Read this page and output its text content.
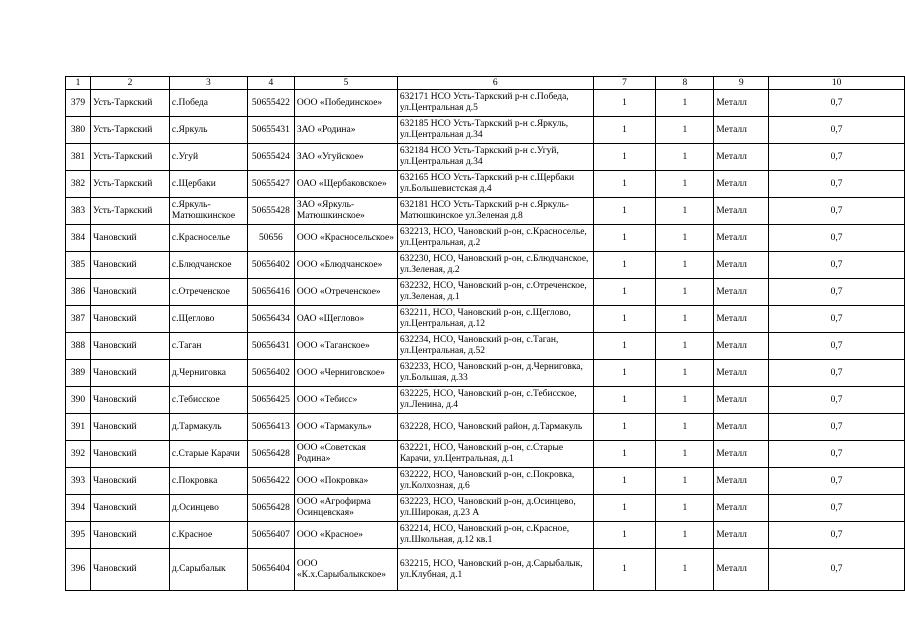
1	2	3	4	5	6	7	8	9	10
379	Усть-Таркский	с.Победа	50655422	ООО «Побединское»	632171 НСО Усть-Таркский р-н с.Победа, ул.Центральная д.5	1	1	Металл	0,7
380	Усть-Таркский	с.Яркуль	50655431	ЗАО «Родина»	632185 НСО Усть-Таркский р-н с.Яркуль, ул.Центральная д.34	1	1	Металл	0,7
381	Усть-Таркский	с.Угуй	50655424	ЗАО «Угуйское»	632184 НСО Усть-Таркский р-н с.Угуй, ул.Центральная д.34	1	1	Металл	0,7
382	Усть-Таркский	с.Щербаки	50655427	ОАО «Щербаковское»	632165 НСО Усть-Таркский р-н с.Щербаки ул.Большевистская д.4	1	1	Металл	0,7
383	Усть-Таркский	с.Яркуль-Матюшкинское	50655428	ЗАО «Яркуль-Матюшкинское»	632181 НСО Усть-Таркский р-н с.Яркуль-Матюшкинское ул.Зеленая д.8	1	1	Металл	0,7
384	Чановский	с.Красноселье	50656	ООО «Красносельское»	632213, НСО, Чановский р-он, с.Красноселье, ул.Центральная, д.2	1	1	Металл	0,7
385	Чановский	с.Блюдчанское	50656402	ООО «Блюдчанское»	632230, НСО, Чановский р-он, с.Блюдчанское, ул.Зеленая, д.2	1	1	Металл	0,7
386	Чановский	с.Отреченское	50656416	ООО «Отреченское»	632232, НСО, Чановский р-он, с.Отреченское, ул.Зеленая, д.1	1	1	Металл	0,7
387	Чановский	с.Щеглово	50656434	ОАО «Щеглово»	632211, НСО, Чановский р-он, с.Щеглово, ул.Центральная, д.12	1	1	Металл	0,7
388	Чановский	с.Таган	50656431	ООО «Таганское»	632234, НСО, Чановский р-он, с.Таган, ул.Центральная, д.52	1	1	Металл	0,7
389	Чановский	д.Черниговка	50656402	ООО «Черниговское»	632233, НСО, Чановский р-он, д.Черниговка, ул.Большая, д.33	1	1	Металл	0,7
390	Чановский	с.Тебисское	50656425	ООО «Тебисс»	632225, НСО, Чановский р-он, с.Тебисское, ул.Ленина, д.4	1	1	Металл	0,7
391	Чановский	д.Тармакуль	50656413	ООО «Тармакуль»	632228, НСО, Чановский район, д.Тармакуль	1	1	Металл	0,7
392	Чановский	с.Старые Карачи	50656428	ООО «Советская Родина»	632221, НСО, Чановский р-он, с.Старые Карачи, ул.Центральная, д.1	1	1	Металл	0,7
393	Чановский	с.Покровка	50656422	ООО «Покровка»	632222, НСО, Чановский р-он, с.Покровка, ул.Колхозная, д.6	1	1	Металл	0,7
394	Чановский	д.Осинцево	50656428	ООО «Агрофирма Осинцевская»	632223, НСО, Чановский р-он, д.Осинцево, ул.Широкая, д.23 А	1	1	Металл	0,7
395	Чановский	с.Красное	50656407	ООО «Красное»	632214, НСО, Чановский р-он, с.Красное, ул.Школьная, д.12 кв.1	1	1	Металл	0,7
396	Чановский	д.Сарыбалык	50656404	ООО «К.х.Сарыбалыкское»	632215, НСО, Чановский р-он, д.Сарыбалык, ул.Клубная, д.1	1	1	Металл	0,7
